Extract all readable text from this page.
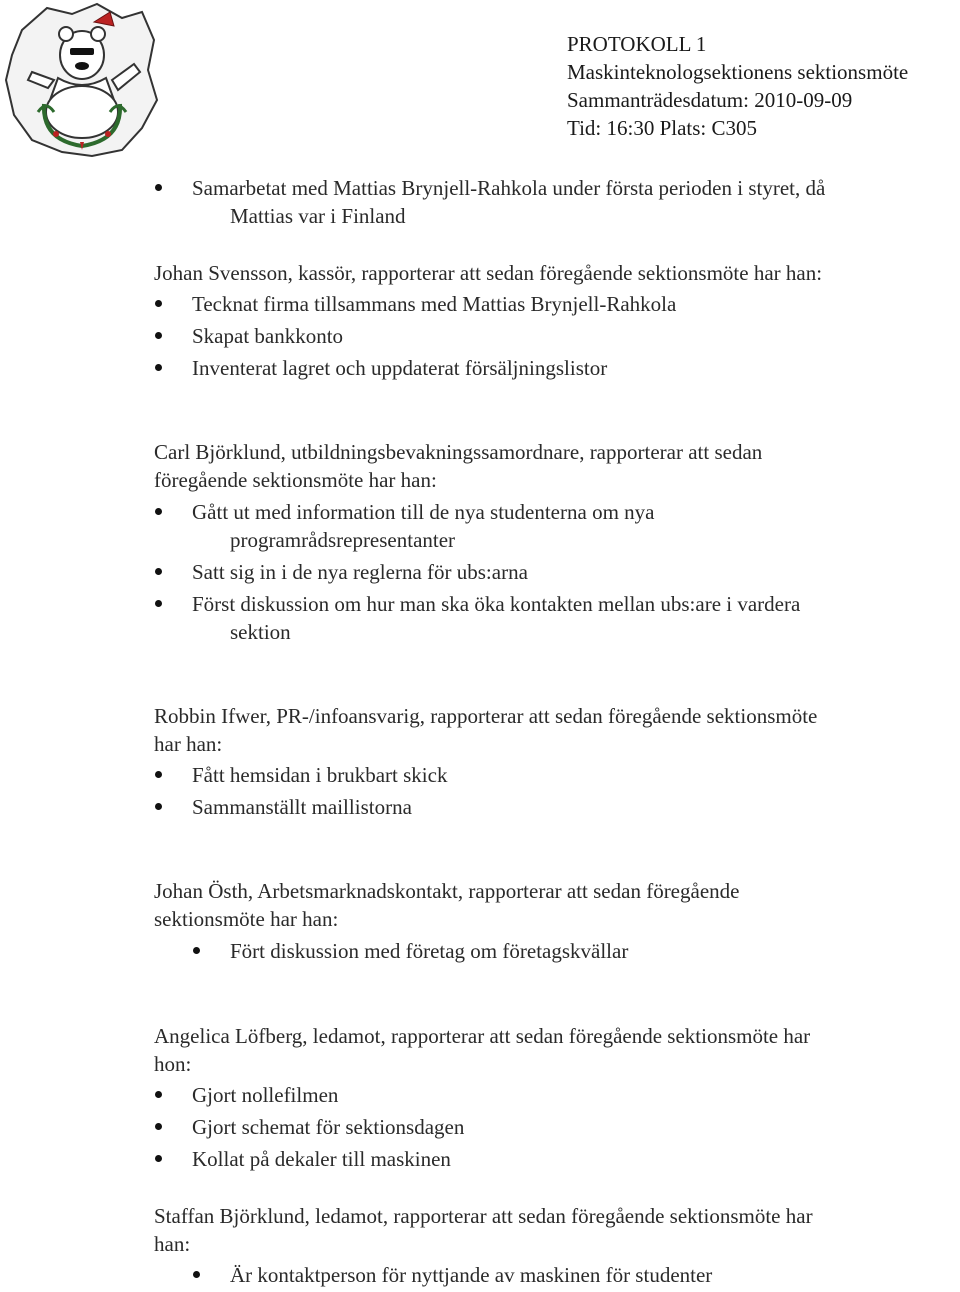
PROTOKOLL 1
Maskinteknologsektionens sektionsmöte
Sammanträdesdatum: 2010-09-09
Tid: 16:30 Plats: C305
Samarbetat med Mattias Brynjell-Rahkola under första perioden i styret, då
Mattias var i Finland
Johan Svensson, kassör, rapporterar att sedan föregående sektionsmöte har han:
Tecknat firma tillsammans med Mattias Brynjell-Rahkola
Skapat bankkonto
Inventerat lagret och uppdaterat försäljningslistor
Carl Björklund, utbildningsbevakningssamordnare, rapporterar att sedan
föregående sektionsmöte har han:
Gått ut med information till de nya studenterna om nya
programrådsrepresentanter
Satt sig in i de nya reglerna för ubs:arna
Först diskussion om hur man ska öka kontakten mellan ubs:are i vardera
sektion
Robbin Ifwer, PR-/infoansvarig, rapporterar att sedan föregående sektionsmöte
har han:
Fått hemsidan i brukbart skick
Sammanställt maillistorna
Johan Östh, Arbetsmarknadskontakt, rapporterar att sedan föregående
sektionsmöte har han:
Fört diskussion med företag om företagskvällar
Angelica Löfberg, ledamot, rapporterar att sedan föregående sektionsmöte har
hon:
Gjort nollefilmen
Gjort schemat för sektionsdagen
Kollat på dekaler till maskinen
Staffan Björklund, ledamot, rapporterar att sedan föregående sektionsmöte har
han:
Är kontaktperson för nyttjande av maskinen för studenter
